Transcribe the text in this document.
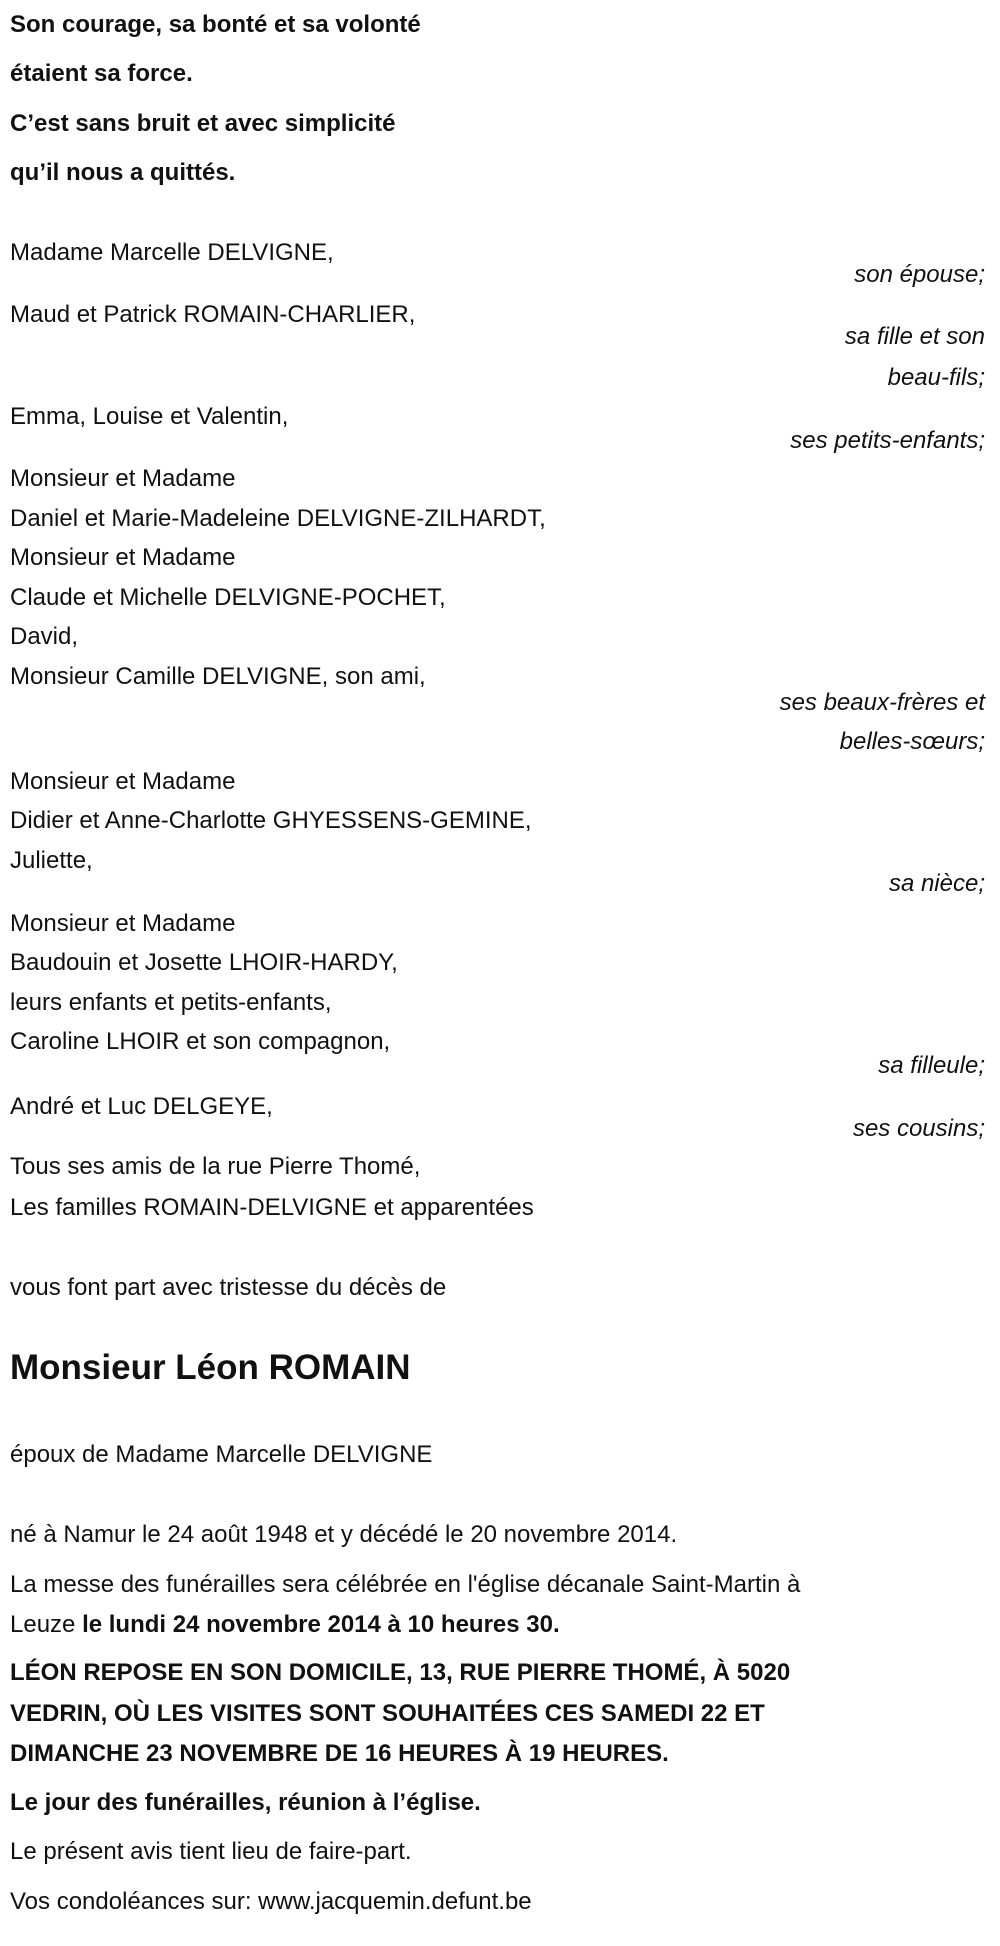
Son courage, sa bonté et sa volonté
étaient sa force.
C’est sans bruit et avec simplicité
qu’il nous a quittés.
Madame Marcelle DELVIGNE,
son épouse;
Maud et Patrick ROMAIN-CHARLIER,
sa fille et son
beau-fils;
Emma, Louise et Valentin,
ses petits-enfants;
Monsieur et Madame
Daniel et Marie-Madeleine DELVIGNE-ZILHARDT,
Monsieur et Madame
Claude et Michelle DELVIGNE-POCHET,
David,
Monsieur Camille DELVIGNE, son ami,
ses beaux-frères et
belles-sœurs;
Monsieur et Madame
Didier et Anne-Charlotte GHYESSENS-GEMINE,
Juliette,
sa nièce;
Monsieur et Madame
Baudouin et Josette LHOIR-HARDY,
leurs enfants et petits-enfants,
Caroline LHOIR et son compagnon,
sa filleule;
André et Luc DELGEYE,
ses cousins;
Tous ses amis de la rue Pierre Thomé,
Les familles ROMAIN-DELVIGNE et apparentées
vous font part avec tristesse du décès de
Monsieur Léon ROMAIN
époux de Madame Marcelle DELVIGNE
né à Namur le 24 août 1948 et y décédé le 20 novembre 2014.
La messe des funérailles sera célébrée en l'église décanale Saint-Martin à
Leuze le lundi 24 novembre 2014 à 10 heures 30.
LÉON REPOSE EN SON DOMICILE, 13, RUE PIERRE THOMÉ, À 5020
VEDRIN, OÙ LES VISITES SONT SOUHAITÉES CES SAMEDI 22 ET
DIMANCHE 23 NOVEMBRE DE 16 HEURES À 19 HEURES.
Le jour des funérailles, réunion à l’église.
Le présent avis tient lieu de faire-part.
Vos condoléances sur: www.jacquemin.defunt.be
